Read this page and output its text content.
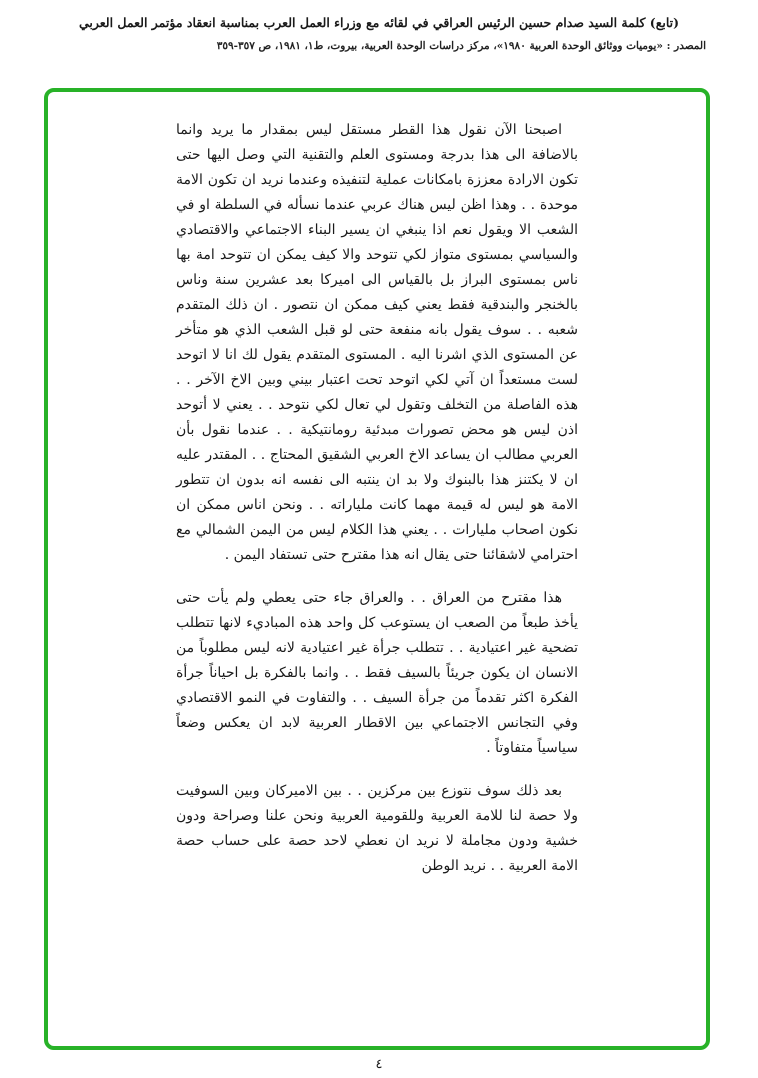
(تابع) كلمة السيد صدام حسين الرئيس العراقي في لقائه مع وزراء العمل العرب بمناسبة انعقاد مؤتمر العمل العربي
المصدر : «يوميات ووثائق الوحدة العربية ١٩٨٠»، مركز دراسات الوحدة العربية، بيروت، ط١، ١٩٨١، ص ٣٥٧-٣٥٩

اصبحنا الآن نقول هذا القطر مستقل ليس بمقدار ما يريد وانما بالاضافة الى هذا بدرجة ومستوى العلم والتقنية التي وصل اليها حتى تكون الارادة معززة بامكانات عملية لتنفيذه وعندما نريد ان تكون الامة موحدة . . وهذا اظن ليس هناك عربي عندما نسأله في السلطة او في الشعب الا ويقول نعم اذا ينبغي ان يسير البناء الاجتماعي والاقتصادي والسياسي بمستوى متواز لكي تتوحد والا كيف يمكن ان تتوحد امة بها ناس بمستوى البراز بل بالقياس الى اميركا بعد عشرين سنة وناس بالخنجر والبندقية فقط يعني كيف ممكن ان نتصور . ان ذلك المتقدم شعبه . . سوف يقول بانه منفعة حتى لو قبل الشعب الذي هو متأخر عن المستوى الذي اشرنا اليه . المستوى المتقدم يقول لك انا لا اتوحد لست مستعداً ان آتي لكي اتوحد تحت اعتبار بيني وبين الاخ الآخر . . هذه الفاصلة من التخلف وتقول لي تعال لكي نتوحد . . يعني لا أتوحد اذن ليس هو محض تصورات مبدئية رومانتيكية . . عندما نقول بأن العربي مطالب ان يساعد الاخ العربي الشقيق المحتاج . . المقتدر عليه ان لا يكتنز هذا بالبنوك ولا بد ان ينتبه الى نفسه انه بدون ان تتطور الامة هو ليس له قيمة مهما كانت ملياراته . . ونحن اناس ممكن ان نكون اصحاب مليارات . . يعني هذا الكلام ليس من اليمن الشمالي مع احترامي لاشقائنا حتى يقال انه هذا مقترح حتى تستفاد اليمن .

هذا مقترح من العراق . . والعراق جاء حتى يعطي ولم يأت حتى يأخذ طبعاً من الصعب ان يستوعب كل واحد هذه المباديء لانها تتطلب تضحية غير اعتيادية . . تتطلب جرأة غير اعتيادية لانه ليس مطلوباً من الانسان ان يكون جريئاً بالسيف فقط . . وانما بالفكرة بل احياناً جرأة الفكرة اكثر تقدماً من جرأة السيف . . والتفاوت في النمو الاقتصادي وفي التجانس الاجتماعي بين الاقطار العربية لابد ان يعكس وضعاً سياسياً متفاوتاً .

بعد ذلك سوف نتوزع بين مركزين . . بين الاميركان وبين السوفيت ولا حصة لنا للامة العربية وللقومية العربية ونحن علنا وصراحة ودون خشية ودون مجاملة لا نريد ان نعطي لاحد حصة على حساب حصة الامة العربية . . نريد الوطن

٤
